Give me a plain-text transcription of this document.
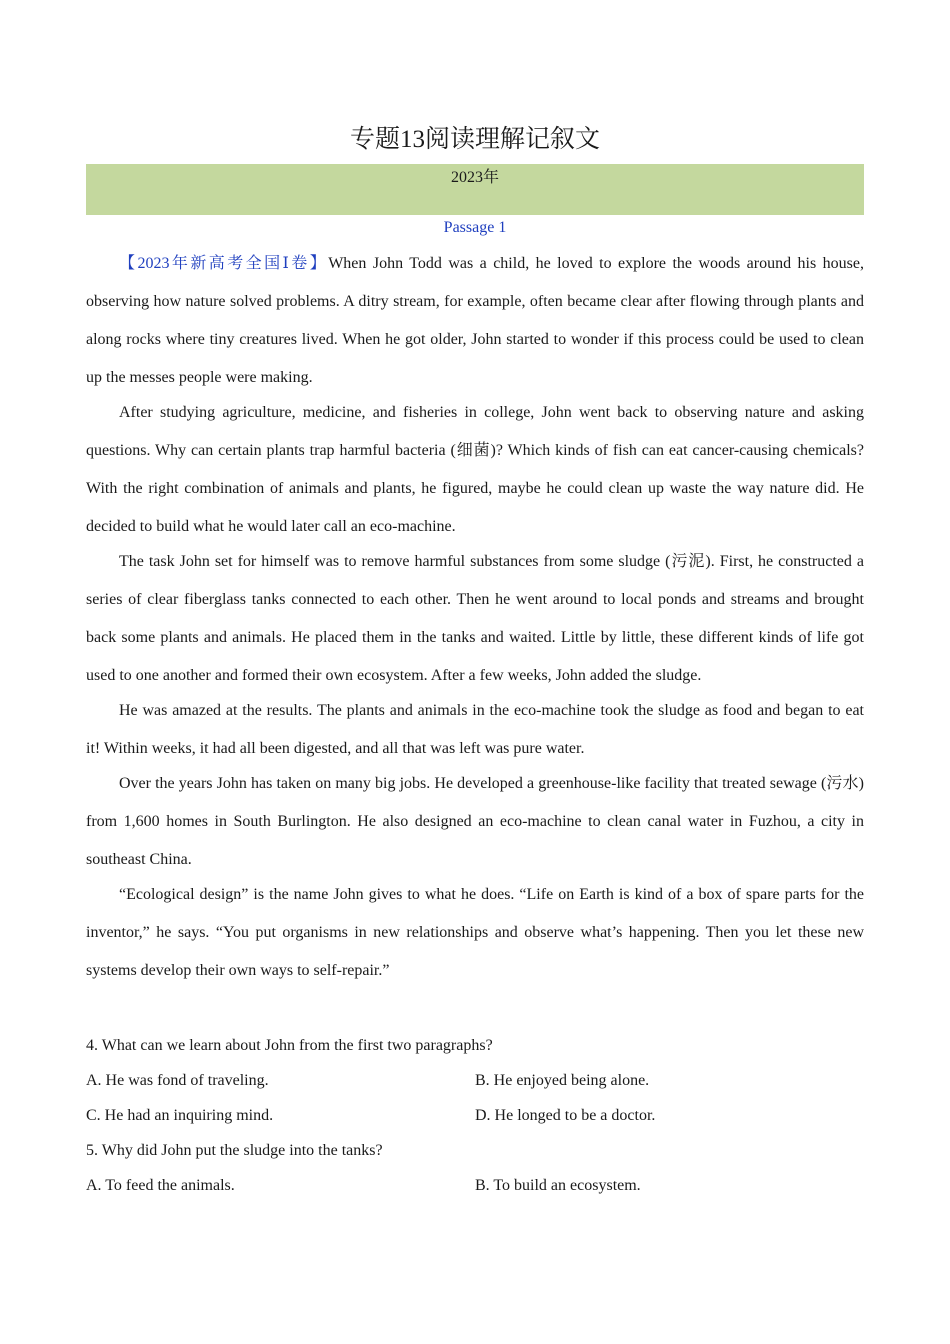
专题13阅读理解记叙文
2023年
Passage 1

【2023年新高考全国Ⅰ卷】When John Todd was a child, he loved to explore the woods around his house, observing how nature solved problems. A ditry stream, for example, often became clear after flowing through plants and along rocks where tiny creatures lived. When he got older, John started to wonder if this process could be used to clean up the messes people were making.

After studying agriculture, medicine, and fisheries in college, John went back to observing nature and asking questions. Why can certain plants trap harmful bacteria (细菌)? Which kinds of fish can eat cancer-causing chemicals? With the right combination of animals and plants, he figured, maybe he could clean up waste the way nature did. He decided to build what he would later call an eco-machine.

The task John set for himself was to remove harmful substances from some sludge (污泥). First, he constructed a series of clear fiberglass tanks connected to each other. Then he went around to local ponds and streams and brought back some plants and animals. He placed them in the tanks and waited. Little by little, these different kinds of life got used to one another and formed their own ecosystem. After a few weeks, John added the sludge.

He was amazed at the results. The plants and animals in the eco-machine took the sludge as food and began to eat it! Within weeks, it had all been digested, and all that was left was pure water.

Over the years John has taken on many big jobs. He developed a greenhouse-like facility that treated sewage (污水) from 1,600 homes in South Burlington. He also designed an eco-machine to clean canal water in Fuzhou, a city in southeast China.

“Ecological design” is the name John gives to what he does. “Life on Earth is kind of a box of spare parts for the inventor,” he says. “You put organisms in new relationships and observe what’s happening. Then you let these new systems develop their own ways to self-repair.”

4. What can we learn about John from the first two paragraphs?
A. He was fond of traveling.	B. He enjoyed being alone.
C. He had an inquiring mind.	D. He longed to be a doctor.
5. Why did John put the sludge into the tanks?
A. To feed the animals.	B. To build an ecosystem.
